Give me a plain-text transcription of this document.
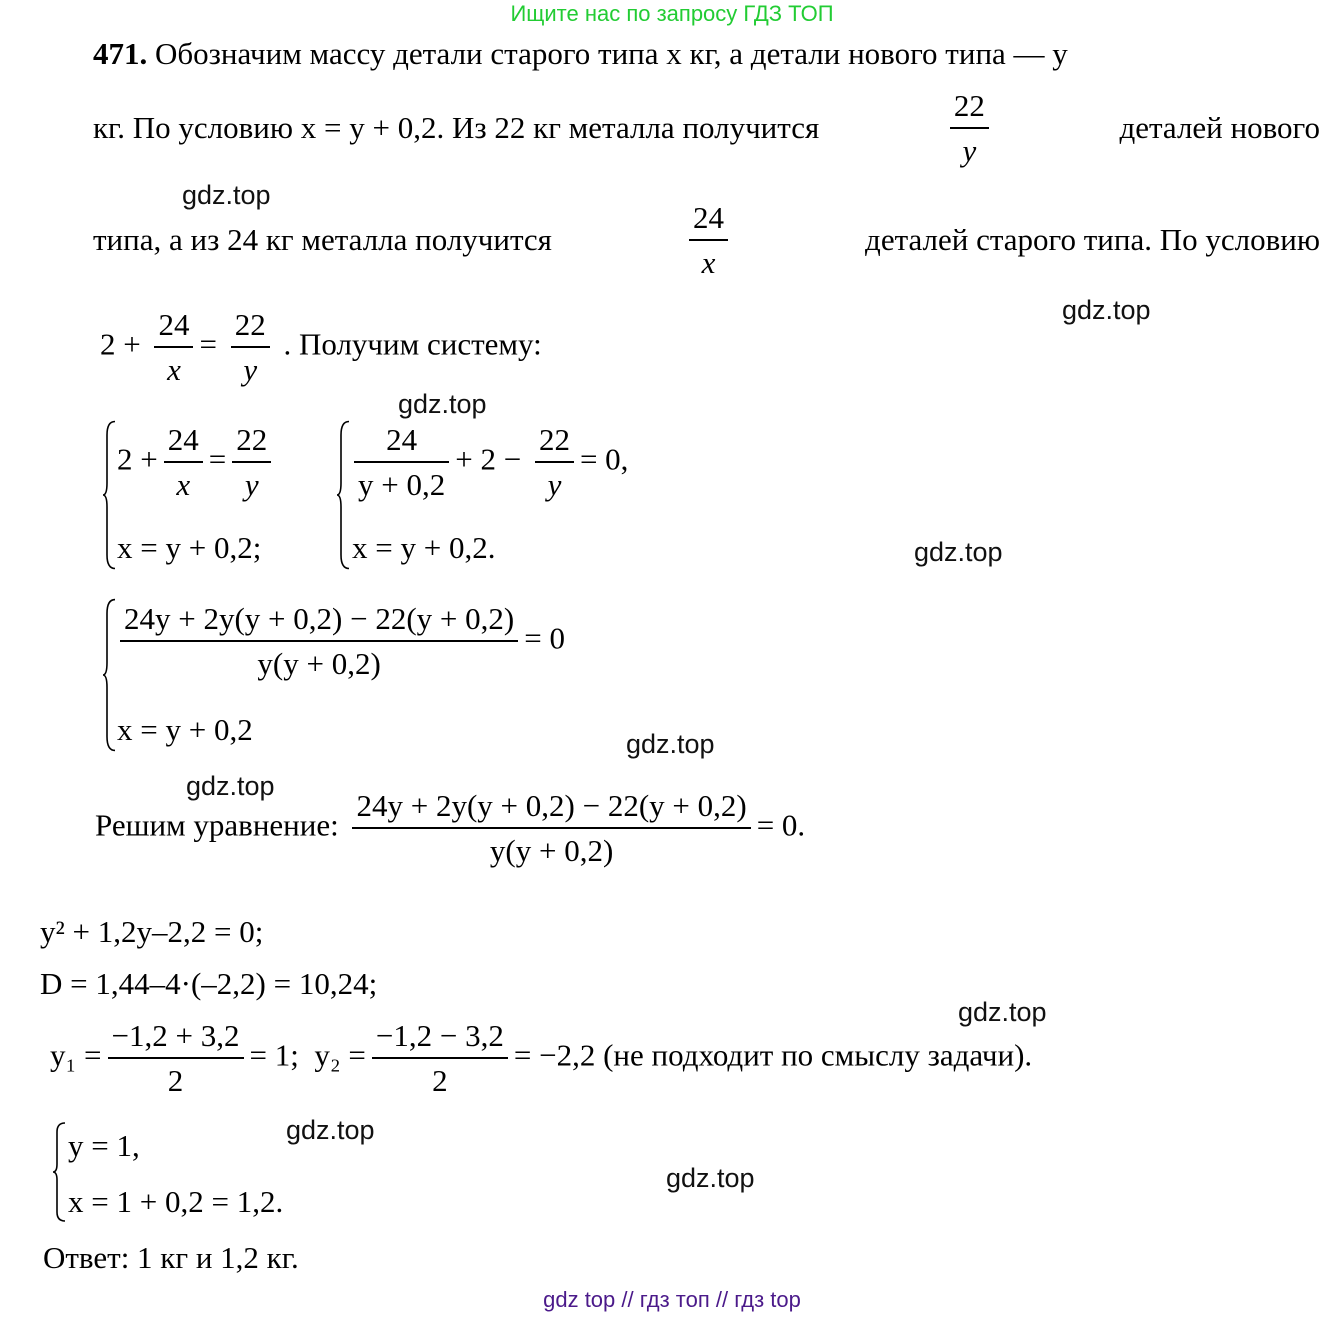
Ищите нас по запросу ГДЗ ТОП
471. Обозначим массу детали старого типа x кг, а детали нового типа — y
кг. По условию x = y + 0,2. Из 22 кг металла получится	$\frac{22}{y}$	деталей нового
gdz.top
типа, а из 24 кг металла получится	$\frac{24}{x}$	деталей старого типа. По условию
gdz.top
$2 + \frac{24}{x} = \frac{22}{y}$ . Получим систему:
gdz.top
$2 + \frac{24}{x} = \frac{22}{y}$
x = y + 0,2;
$\frac{24}{y + 0,2} + 2 - \frac{22}{y} = 0$,
x = y + 0,2.	gdz.top
$\frac{24y + 2y(y + 0,2) - 22(y + 0,2)}{y(y + 0,2)} = 0$
x = y + 0,2	gdz.top
gdz.top
Решим уравнение: $\frac{24y + 2y(y + 0,2) - 22(y + 0,2)}{y(y + 0,2)} = 0$.
y² + 1,2y–2,2 = 0;
D = 1,44–4·(–2,2) = 10,24;
gdz.top
$y_1 = \frac{-1,2 + 3,2}{2} = 1$; $y_2 = \frac{-1,2 - 3,2}{2} = -2,2$ (не подходит по смыслу задачи).
y = 1,
x = 1 + 0,2 = 1,2.
gdz.top
gdz.top
Ответ: 1 кг и 1,2 кг.
gdz top // гдз топ // гдз top
